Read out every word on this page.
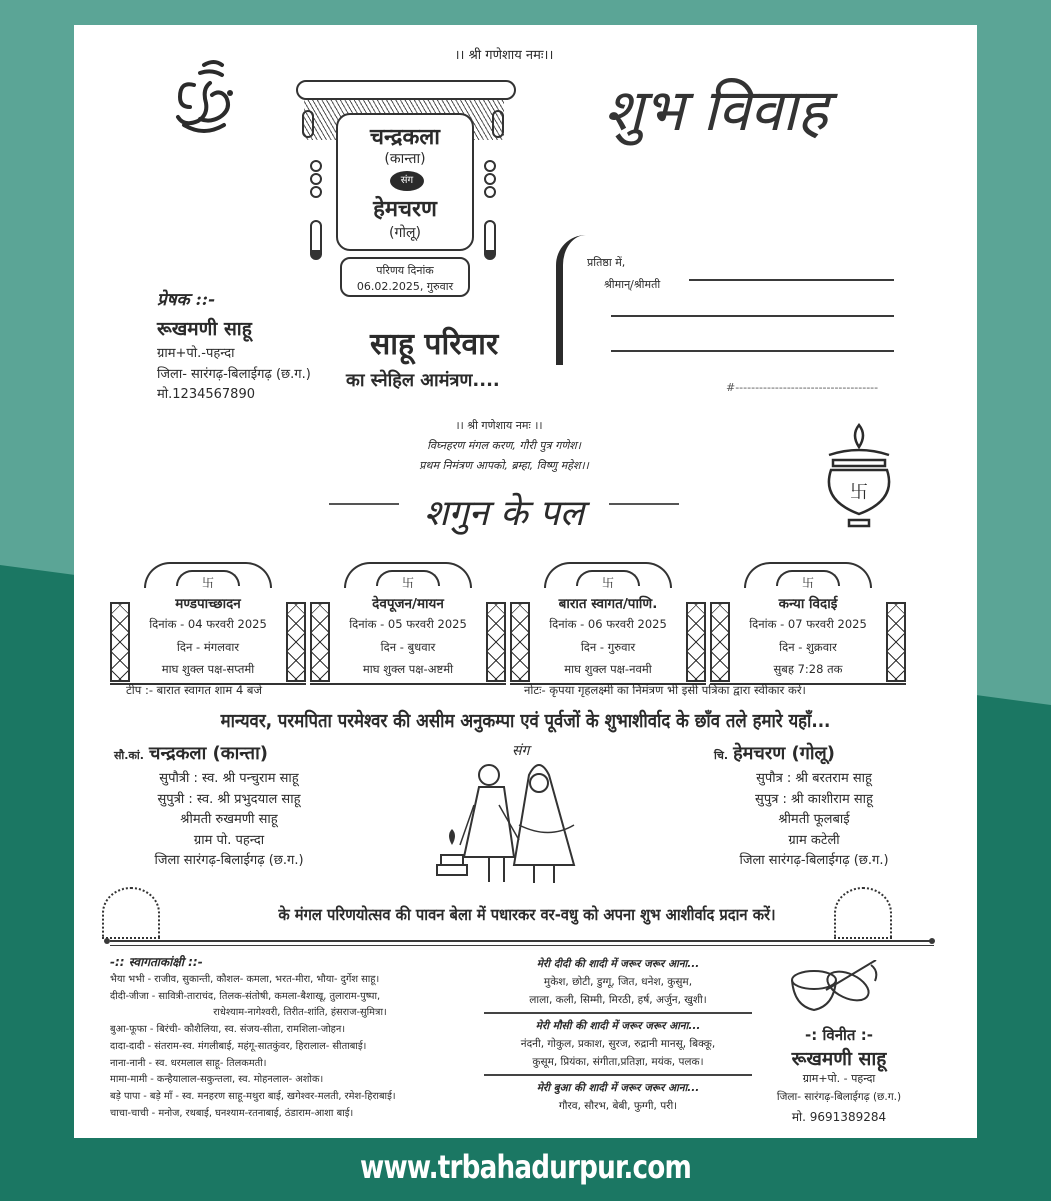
।। श्री गणेशाय नमः।।
शुभ विवाह
चन्द्रकला
(कान्ता)
संग
हेमचरण
(गोलू)
परिणय दिनांक
06.02.2025, गुरुवार
प्रतिष्ठा में,
श्रीमान्/श्रीमती
#------------------------------------
प्रेषक ::-
रूखमणी साहू
ग्राम+पो.-पहन्दा
जिला- सारंगढ़-बिलाईगढ़ (छ.ग.)
मो.1234567890
साहू परिवार
का स्नेहिल आमंत्रण....
।। श्री गणेशाय नमः ।।
विघ्नहरण मंगल करण, गौरी पुत्र गणेश।
प्रथम निमंत्रण आपको, ब्रम्हा, विष्णु महेश।।
卐
शगुन के पल
卐
मण्डपाच्छादन
दिनांक - 04 फरवरी 2025
दिन - मंगलवार
माघ शुक्ल पक्ष-सप्तमी
卐
देवपूजन/मायन
दिनांक - 05 फरवरी 2025
दिन - बुधवार
माघ शुक्ल पक्ष-अष्टमी
卐
बारात स्वागत/पाणि.
दिनांक - 06 फरवरी 2025
दिन - गुरुवार
माघ शुक्ल पक्ष-नवमी
卐
कन्या विदाई
दिनांक - 07 फरवरी 2025
दिन - शुक्रवार
सुबह 7:28 तक
टीप :- बारात स्वागत शाम 4 बजे	नोटः- कृपया गृहलक्ष्मी का निमंत्रण भी इसी पत्रिका द्वारा स्वीकार करें।
मान्यवर, परमपिता परमेश्वर की असीम अनुकम्पा एवं पूर्वजों के शुभाशीर्वाद के छाँव तले हमारे यहाँ...
सौ.कां. चन्द्रकला (कान्ता)
सुपौत्री : स्व. श्री पन्चुराम साहू
सुपुत्री : स्व. श्री प्रभुदयाल साहू
श्रीमती रुखमणी साहू
ग्राम पो. पहन्दा
जिला सारंगढ़-बिलाईगढ़ (छ.ग.)
संग	चि. हेमचरण (गोलू)
सुपौत्र : श्री बरतराम साहू
सुपुत्र : श्री काशीराम साहू
श्रीमती फूलबाई
ग्राम कटेली
जिला सारंगढ़-बिलाईगढ़ (छ.ग.)
के मंगल परिणयोत्सव की पावन बेला में पधारकर वर-वधु को अपना शुभ आशीर्वाद प्रदान करें।
-:: स्वागताकांक्षी ::-
भैया भभी - राजीव, सुकान्ती, कौशल- कमला, भरत-मीरा, भौया- दुर्गेश साहू।
दीदी-जीजा - सावित्री-ताराचंद, तिलक-संतोषी, कमला-बैशाखू, तुलाराम-पुष्पा,
राधेश्याम-नागेश्वरी, तिरीत-शांति, हंसराज-सुमित्रा।
बुआ-फूफा - बिरंची- कौशैलिया, स्व. संजय-सीता, रामशिला-जोहन।
दादा-दादी - संतराम-स्व. मंगलीबाई, महंगू-सातकुंवर, हिरालाल- सीताबाई।
नाना-नानी - स्व. धरमलाल साहू- तिलकमती।
मामा-मामी - कन्हैयालाल-सकुन्तला, स्व. मोहनलाल- अशोक।
बड़े पापा - बड़े माँ - स्व. मनहरण साहू-मथुरा बाई, खगेश्वर-मलती, रमेश-हिराबाई।
चाचा-चाची - मनोज, रथबाई, घनश्याम-रतनाबाई, ठंडाराम-आशा बाई।
मेरी दीदी की शादी में जरूर जरूर आना...
मुकेश, छोटी, डुग्गू, जित, धनेश, कुसुम,
लाला, कली, सिम्मी, मिरठी, हर्ष, अर्जुन, खुशी।
मेरी मौसी की शादी में जरूर जरूर आना...
नंदनी, गोकुल, प्रकाश, सुरज, रुद्रानी मानसू, बिक्कू,
कुसूम, प्रियंका, संगीता,प्रतिज्ञा, मयंक, पलक।
मेरी बुआ की शादी में जरूर जरूर आना...
गौरव, सौरभ, बेबी, फुग्गी, परी।
-: विनीत :-
रूखमणी साहू
ग्राम+पो. - पहन्दा
जिला- सारंगढ़-बिलाईगढ़ (छ.ग.)
मो. 9691389284
www.trbahadurpur.com
